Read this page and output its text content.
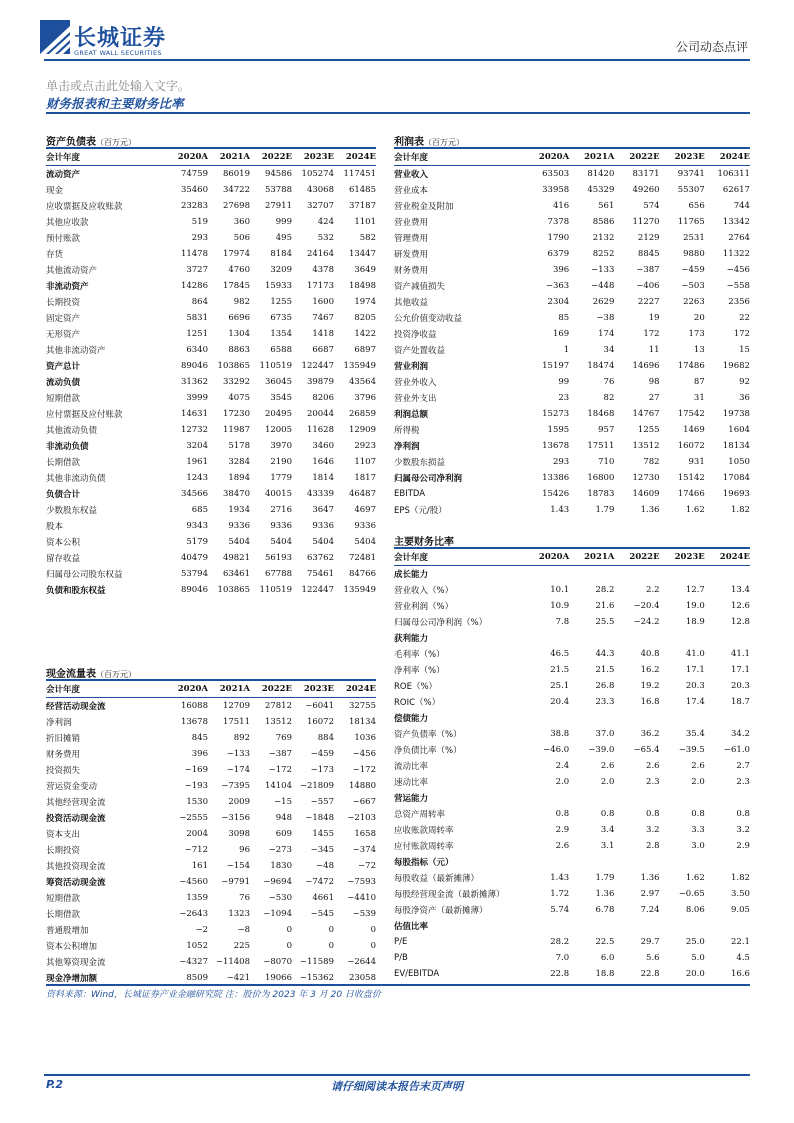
长城证券
GREAT WALL SECURITIES	公司动态点评
单击或点击此处输入文字。
财务报表和主要财务比率
资产负债表（百万元）
会计年度	2020A	2021A	2022E	2023E	2024E
流动资产	74759	86019	94586	105274	117451
现金	35460	34722	53788	43068	61485
应收票据及应收账款	23283	27698	27911	32707	37187
其他应收款	519	360	999	424	1101
预付账款	293	506	495	532	582
存货	11478	17974	8184	24164	13447
其他流动资产	3727	4760	3209	4378	3649
非流动资产	14286	17845	15933	17173	18498
长期投资	864	982	1255	1600	1974
固定资产	5831	6696	6735	7467	8205
无形资产	1251	1304	1354	1418	1422
其他非流动资产	6340	8863	6588	6687	6897
资产总计	89046	103865	110519	122447	135949
流动负债	31362	33292	36045	39879	43564
短期借款	3999	4075	3545	8206	3796
应付票据及应付账款	14631	17230	20495	20044	26859
其他流动负债	12732	11987	12005	11628	12909
非流动负债	3204	5178	3970	3460	2923
长期借款	1961	3284	2190	1646	1107
其他非流动负债	1243	1894	1779	1814	1817
负债合计	34566	38470	40015	43339	46487
少数股东权益	685	1934	2716	3647	4697
股本	9343	9336	9336	9336	9336
资本公积	5179	5404	5404	5404	5404
留存收益	40479	49821	56193	63762	72481
归属母公司股东权益	53794	63461	67788	75461	84766
负债和股东权益	89046	103865	110519	122447	135949
利润表（百万元）
会计年度	2020A	2021A	2022E	2023E	2024E
营业收入	63503	81420	83171	93741	106311
营业成本	33958	45329	49260	55307	62617
营业税金及附加	416	561	574	656	744
营业费用	7378	8586	11270	11765	13342
管理费用	1790	2132	2129	2531	2764
研发费用	6379	8252	8845	9880	11322
财务费用	396	−133	−387	−459	−456
资产减值损失	−363	−448	−406	−503	−558
其他收益	2304	2629	2227	2263	2356
公允价值变动收益	85	−38	19	20	22
投资净收益	169	174	172	173	172
资产处置收益	1	34	11	13	15
营业利润	15197	18474	14696	17486	19682
营业外收入	99	76	98	87	92
营业外支出	23	82	27	31	36
利润总额	15273	18468	14767	17542	19738
所得税	1595	957	1255	1469	1604
净利润	13678	17511	13512	16072	18134
少数股东损益	293	710	782	931	1050
归属母公司净利润	13386	16800	12730	15142	17084
EBITDA	15426	18783	14609	17466	19693
EPS（元/股）	1.43	1.79	1.36	1.62	1.82
主要财务比率
会计年度	2020A	2021A	2022E	2023E	2024E
成长能力
营业收入（%）	10.1	28.2	2.2	12.7	13.4
营业利润（%）	10.9	21.6	−20.4	19.0	12.6
归属母公司净利润（%）	7.8	25.5	−24.2	18.9	12.8
获利能力
毛利率（%）	46.5	44.3	40.8	41.0	41.1
净利率（%）	21.5	21.5	16.2	17.1	17.1
ROE（%）	25.1	26.8	19.2	20.3	20.3
ROIC（%）	20.4	23.3	16.8	17.4	18.7
偿债能力
资产负债率（%）	38.8	37.0	36.2	35.4	34.2
净负债比率（%）	−46.0	−39.0	−65.4	−39.5	−61.0
流动比率	2.4	2.6	2.6	2.6	2.7
速动比率	2.0	2.0	2.3	2.0	2.3
营运能力
总资产周转率	0.8	0.8	0.8	0.8	0.8
应收账款周转率	2.9	3.4	3.2	3.3	3.2
应付账款周转率	2.6	3.1	2.8	3.0	2.9
每股指标（元）
每股收益（最新摊薄）	1.43	1.79	1.36	1.62	1.82
每股经营现金流（最新摊薄）	1.72	1.36	2.97	−0.65	3.50
每股净资产（最新摊薄）	5.74	6.78	7.24	8.06	9.05
估值比率
P/E	28.2	22.5	29.7	25.0	22.1
P/B	7.0	6.0	5.6	5.0	4.5
EV/EBITDA	22.8	18.8	22.8	20.0	16.6
现金流量表（百万元）
会计年度	2020A	2021A	2022E	2023E	2024E
经营活动现金流	16088	12709	27812	−6041	32755
净利润	13678	17511	13512	16072	18134
折旧摊销	845	892	769	884	1036
财务费用	396	−133	−387	−459	−456
投资损失	−169	−174	−172	−173	−172
营运资金变动	−193	−7395	14104 −21809	14880
其他经营现金流	1530	2009	−15	−557	−667
投资活动现金流	−2555	−3156	948	−1848	−2103
资本支出	2004	3098	609	1455	1658
长期投资	−712	96	−273	−345	−374
其他投资现金流	161	−154	1830	−48	−72
筹资活动现金流	−4560	−9791	−9694	−7472	−7593
短期借款	1359	76	−530	4661	−4410
长期借款	−2643	1323	−1094	−545	−539
普通股增加	−2	−8	0	0	0
资本公积增加	1052	225	0	0	0
其他筹资现金流	−4327 −11408	−8070 −11589	−2644
现金净增加额	8509	−421	19066 −15362	23058
资料来源：Wind，长城证券产业金融研究院 注：股价为 2023 年 3 月 20 日收盘价
P.2	请仔细阅读本报告末页声明
